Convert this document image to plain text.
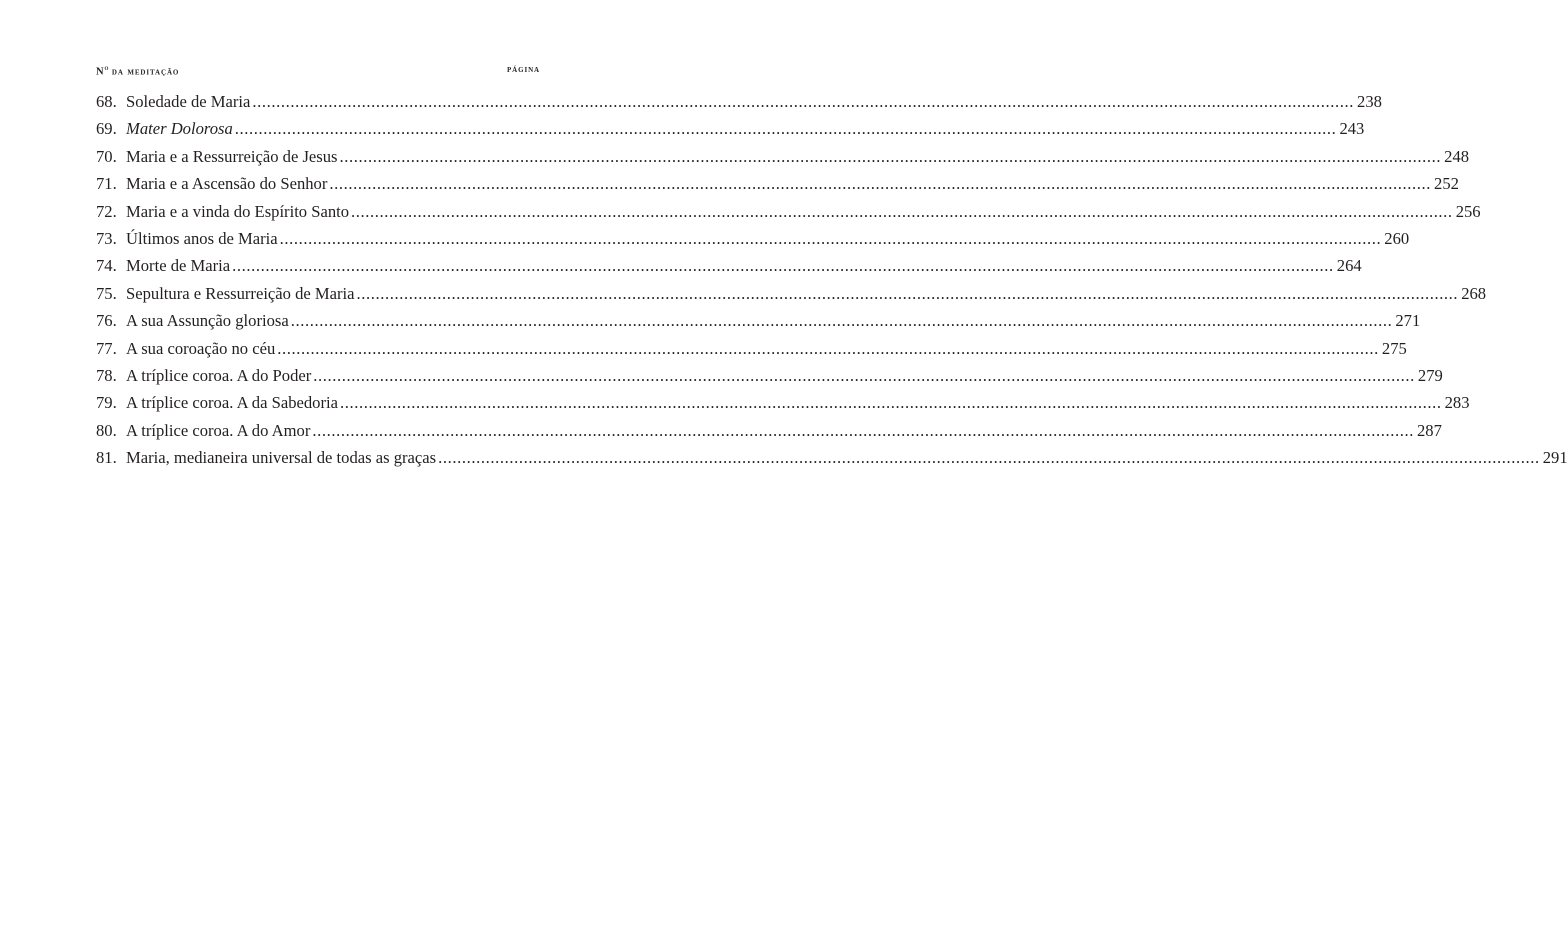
$N^o$ da meditação	página
68. Soledade de Maria .....	238
69. Mater Dolorosa .....	243
70. Maria e a Ressurreição de Jesus .....	248
71. Maria e a Ascensão do Senhor .....	252
72. Maria e a vinda do Espírito Santo .....	256
73. Últimos anos de Maria .....	260
74. Morte de Maria .....	264
75. Sepultura e Ressurreição de Maria .....	268
76. A sua Assunção gloriosa .....	271
77. A sua coroação no céu .....	275
78. A tríplice coroa. A do Poder .....	279
79. A tríplice coroa. A da Sabedoria .....	283
80. A tríplice coroa. A do Amor .....	287
81. Maria, medianeira universal de todas as graças .....	291
